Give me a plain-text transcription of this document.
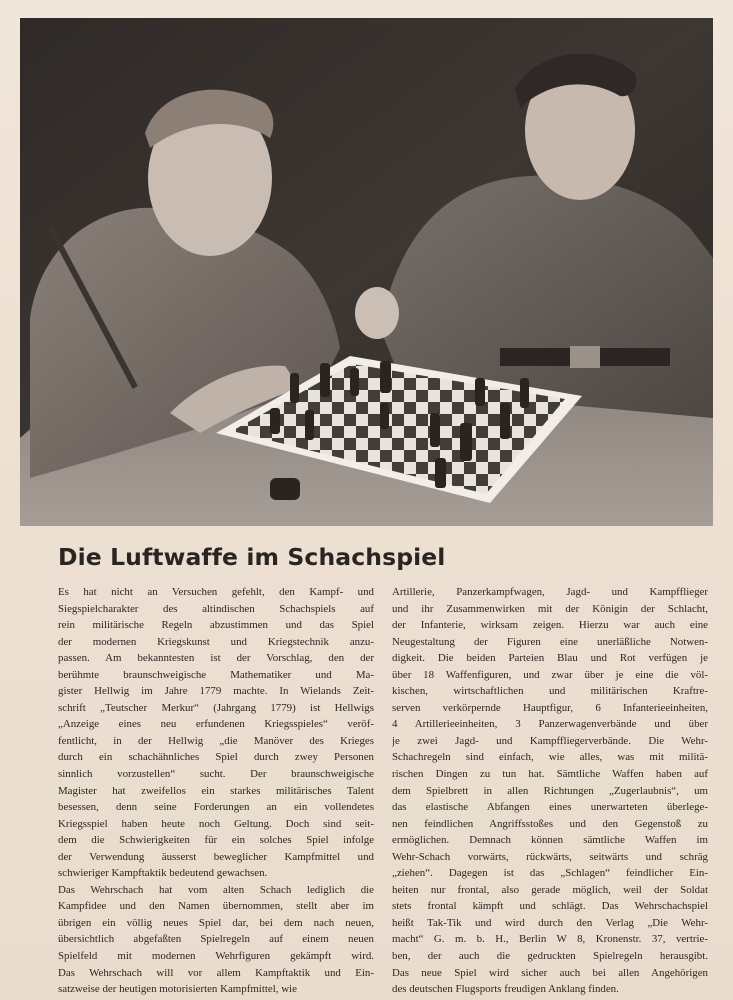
Die Luftwaffe im Schachspiel
Es hat nicht an Versuchen gefehlt, den Kampf- und
Siegspielcharakter des altindischen Schachspiels auf
rein militärische Regeln abzustimmen und das Spiel
der modernen Kriegskunst und Kriegstechnik anzu-
passen. Am bekanntesten ist der Vorschlag, den der
berühmte braunschweigische Mathematiker und Ma-
gister Hellwig im Jahre 1779 machte. In Wielands Zeit-
schrift „Teutscher Merkur“ (Jahrgang 1779) ist Hellwigs
„Anzeige eines neu erfundenen Kriegsspieles“ veröf-
fentlicht, in der Hellwig „die Manöver des Krieges
durch ein schachähnliches Spiel durch zwey Personen
sinnlich vorzustellen“ sucht. Der braunschweigische
Magister hat zweifellos ein starkes militärisches Talent
besessen, denn seine Forderungen an ein vollendetes
Kriegsspiel haben heute noch Geltung. Doch sind seit-
dem die Schwierigkeiten für ein solches Spiel infolge
der Verwendung äusserst beweglicher Kampfmittel und
schwieriger Kampftaktik bedeutend gewachsen.
Das Wehrschach hat vom alten Schach lediglich die
Kampfidee und den Namen übernommen, stellt aber im
übrigen ein völlig neues Spiel dar, bei dem nach neuen,
übersichtlich abgefaßten Spielregeln auf einem neuen
Spielfeld mit modernen Wehrfiguren gekämpft wird.
Das Wehrschach will vor allem Kampftaktik und Ein-
satzweise der heutigen motorisierten Kampfmittel, wie
Artillerie, Panzerkampfwagen, Jagd- und Kampfflieger
und ihr Zusammenwirken mit der Königin der Schlacht,
der Infanterie, wirksam zeigen. Hierzu war auch eine
Neugestaltung der Figuren eine unerläßliche Notwen-
digkeit. Die beiden Parteien Blau und Rot verfügen je
über 18 Waffenfiguren, und zwar über je eine die völ-
kischen, wirtschaftlichen und militärischen Kraftre-
serven verkörpernde Hauptfigur, 6 Infanterieeinheiten,
4 Artillerieeinheiten, 3 Panzerwagenverbände und über
je zwei Jagd- und Kampffliegerverbände. Die Wehr-
Schachregeln sind einfach, wie alles, was mit militä-
rischen Dingen zu tun hat. Sämtliche Waffen haben auf
dem Spielbrett in allen Richtungen „Zugerlaubnis“, um
das elastische Abfangen eines unerwarteten überlege-
nen feindlichen Angriffsstoßes und den Gegenstoß zu
ermöglichen. Demnach können sämtliche Waffen im
Wehr-Schach vorwärts, rückwärts, seitwärts und schräg
„ziehen“. Dagegen ist das „Schlagen“ feindlicher Ein-
heiten nur frontal, also gerade möglich, weil der Soldat
stets frontal kämpft und schlägt. Das Wehrschachspiel
heißt Tak-Tik und wird durch den Verlag „Die Wehr-
macht“ G. m. b. H., Berlin W 8, Kronenstr. 37, vertrie-
ben, der auch die gedruckten Spielregeln herausgibt.
Das neue Spiel wird sicher auch bei allen Angehörigen
des deutschen Flugsports freudigen Anklang finden.
